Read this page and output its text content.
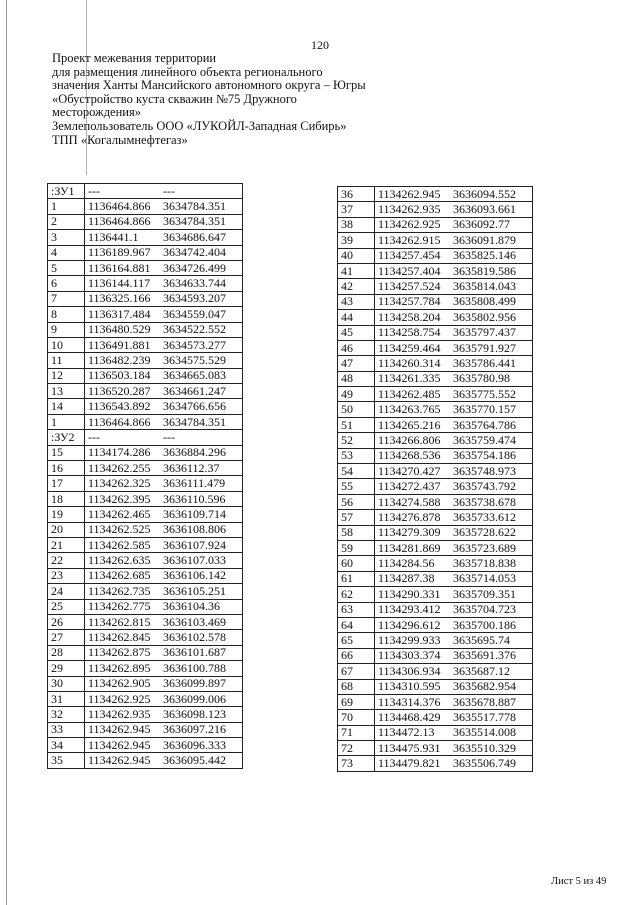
120
Проект межевания территории
для размещения линейного объекта регионального
значения Ханты Мансийского автономного округа – Югры
«Обустройство куста скважин №75 Дружного
месторождения»
Землепользователь ООО «ЛУКОЙЛ-Западная Сибирь»
ТПП «Когалымнефтегаз»
:ЗУ1	--- ---
1	1136464.866 3634784.351
2	1136464.866 3634784.351
3	1136441.1 3634686.647
4	1136189.967 3634742.404
5	1136164.881 3634726.499
6	1136144.117 3634633.744
7	1136325.166 3634593.207
8	1136317.484 3634559.047
9	1136480.529 3634522.552
10	1136491.881 3634573.277
11	1136482.239 3634575.529
12	1136503.184 3634665.083
13	1136520.287 3634661.247
14	1136543.892 3634766.656
1	1136464.866 3634784.351
:ЗУ2	--- ---
15	1134174.286 3636884.296
16	1134262.255 3636112.37
17	1134262.325 3636111.479
18	1134262.395 3636110.596
19	1134262.465 3636109.714
20	1134262.525 3636108.806
21	1134262.585 3636107.924
22	1134262.635 3636107.033
23	1134262.685 3636106.142
24	1134262.735 3636105.251
25	1134262.775 3636104.36
26	1134262.815 3636103.469
27	1134262.845 3636102.578
28	1134262.875 3636101.687
29	1134262.895 3636100.788
30	1134262.905 3636099.897
31	1134262.925 3636099.006
32	1134262.935 3636098.123
33	1134262.945 3636097.216
34	1134262.945 3636096.333
35	1134262.945 3636095.442
36	1134262.945 3636094.552
37	1134262.935 3636093.661
38	1134262.925 3636092.77
39	1134262.915 3636091.879
40	1134257.454 3635825.146
41	1134257.404 3635819.586
42	1134257.524 3635814.043
43	1134257.784 3635808.499
44	1134258.204 3635802.956
45	1134258.754 3635797.437
46	1134259.464 3635791.927
47	1134260.314 3635786.441
48	1134261.335 3635780.98
49	1134262.485 3635775.552
50	1134263.765 3635770.157
51	1134265.216 3635764.786
52	1134266.806 3635759.474
53	1134268.536 3635754.186
54	1134270.427 3635748.973
55	1134272.437 3635743.792
56	1134274.588 3635738.678
57	1134276.878 3635733.612
58	1134279.309 3635728.622
59	1134281.869 3635723.689
60	1134284.56 3635718.838
61	1134287.38 3635714.053
62	1134290.331 3635709.351
63	1134293.412 3635704.723
64	1134296.612 3635700.186
65	1134299.933 3635695.74
66	1134303.374 3635691.376
67	1134306.934 3635687.12
68	1134310.595 3635682.954
69	1134314.376 3635678.887
70	1134468.429 3635517.778
71	1134472.13 3635514.008
72	1134475.931 3635510.329
73	1134479.821 3635506.749
Лист 5 из 49
